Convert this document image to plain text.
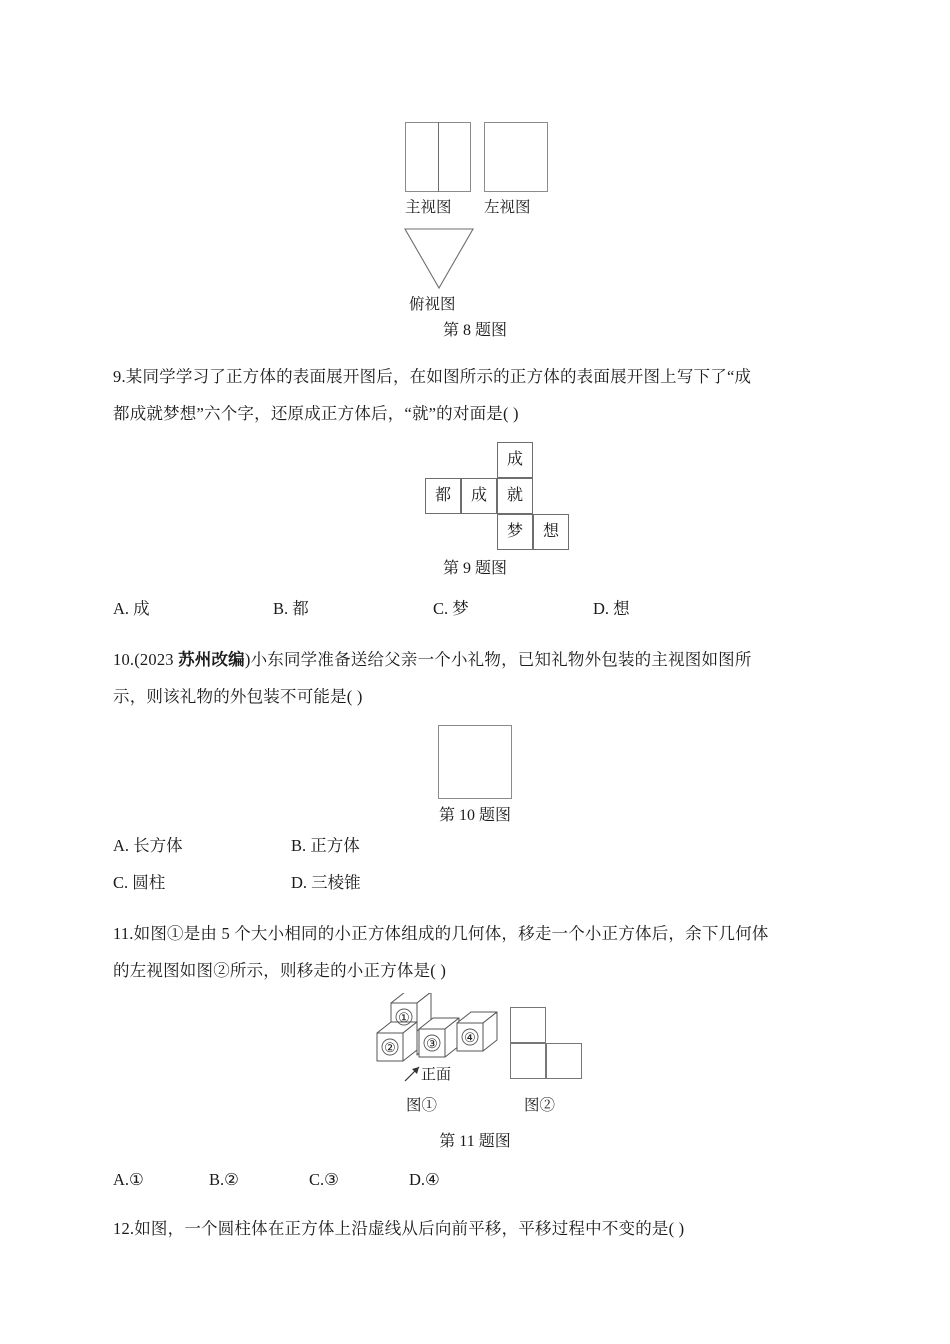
主视图 左视图
俯视图

第 8 题图

9.某同学学习了正方体的表面展开图后，在如图所示的正方体的表面展开图上写下了“成

都成就梦想”六个字，还原成正方体后，“就”的对面是( )

成
都	成	就
梦	想

第 9 题图

A. 成	B. 都	C. 梦	D. 想

10.(2023 苏州改编)小东同学准备送给父亲一个小礼物，已知礼物外包装的主视图如图所

示，则该礼物的外包装不可能是( )

第 10 题图

A. 长方体	B. 正方体
C. 圆柱	D. 三棱锥

11.如图①是由 5 个大小相同的小正方体组成的几何体，移走一个小正方体后，余下几何体

的左视图如图②所示，则移走的小正方体是( )

①
② ③ ④
正面
图①	图②

第 11 题图

A.①	B.②	C.③	D.④

12.如图，一个圆柱体在正方体上沿虚线从后向前平移，平移过程中不变的是( )
